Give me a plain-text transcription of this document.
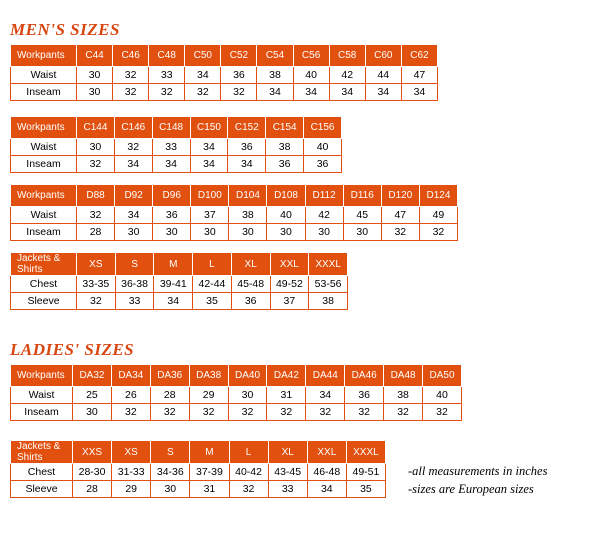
MEN'S SIZES
Workpants	C44	C46	C48	C50	C52	C54	C56	C58	C60	C62
Waist	30	32	33	34	36	38	40	42	44	47
Inseam	30	32	32	32	32	34	34	34	34	34
Workpants	C144	C146	C148	C150	C152	C154	C156
Waist	30	32	33	34	36	38	40
Inseam	32	34	34	34	34	36	36
Workpants	D88	D92	D96	D100	D104	D108	D112	D116	D120	D124
Waist	32	34	36	37	38	40	42	45	47	49
Inseam	28	30	30	30	30	30	30	30	32	32
Jackets &
Shirts	XS	S	M	L	XL	XXL	XXXL
Chest	33-35	36-38	39-41	42-44	45-48	49-52	53-56
Sleeve	32	33	34	35	36	37	38
LADIES' SIZES
Workpants	DA32	DA34	DA36	DA38	DA40	DA42	DA44	DA46	DA48	DA50
Waist	25	26	28	29	30	31	34	36	38	40
Inseam	30	32	32	32	32	32	32	32	32	32
Jackets &
Shirts	XXS	XS	S	M	L	XL	XXL	XXXL
Chest	28-30	31-33	34-36	37-39	40-42	43-45	46-48	49-51
Sleeve	28	29	30	31	32	33	34	35
-all measurements in inches
-sizes are European sizes
